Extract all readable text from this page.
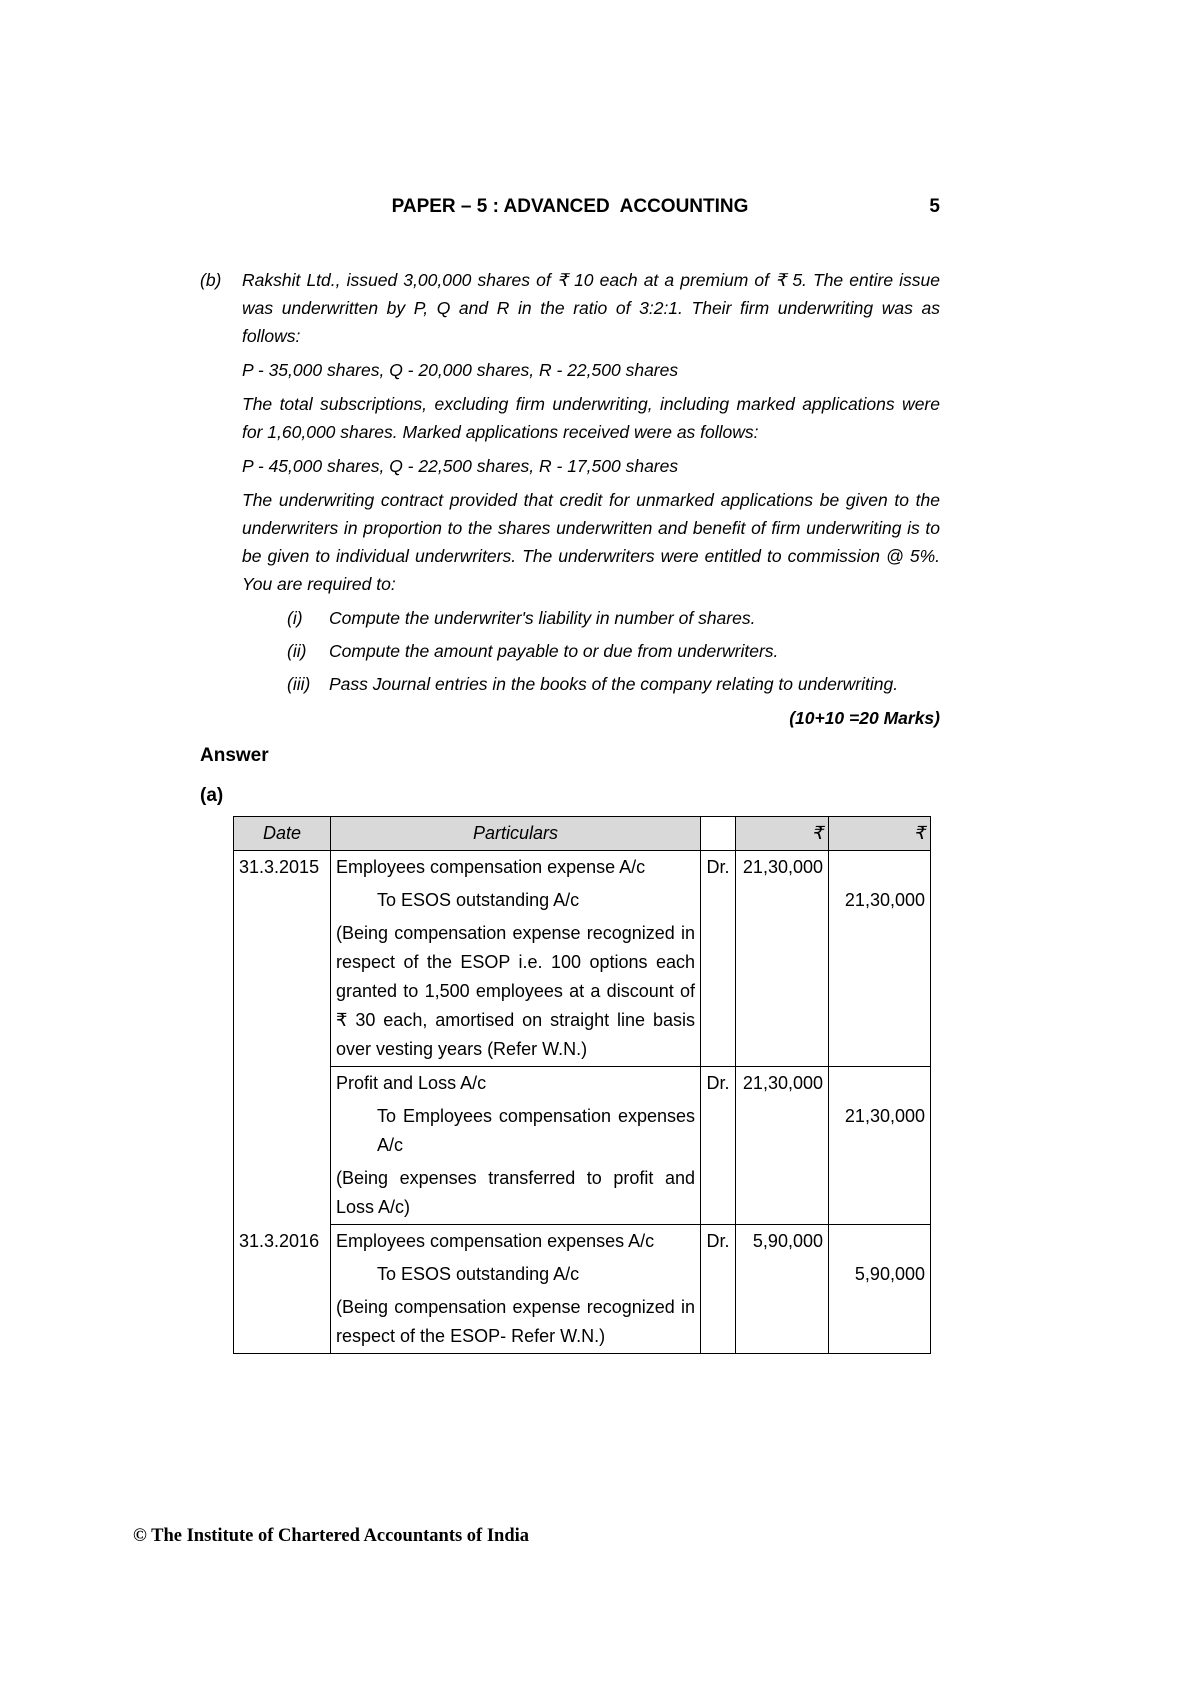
PAPER – 5 : ADVANCED  ACCOUNTING	5
(b)	Rakshit Ltd., issued 3,00,000 shares of ₹ 10 each at a premium of ₹ 5. The entire issue was underwritten by P, Q and R in the ratio of 3:2:1. Their firm underwriting was as follows:

P - 35,000 shares, Q - 20,000 shares, R - 22,500 shares

The total subscriptions, excluding firm underwriting, including marked applications were for 1,60,000 shares. Marked applications received were as follows:

P - 45,000 shares, Q - 22,500 shares, R - 17,500 shares

The underwriting contract provided that credit for unmarked applications be given to the underwriters in proportion to the shares underwritten and benefit of firm underwriting is to be given to individual underwriters. The underwriters were entitled to commission @ 5%. You are required to:

(i)	Compute the underwriter's liability in number of shares.
(ii)	Compute the amount payable to or due from underwriters.
(iii)	Pass Journal entries in the books of the company relating to underwriting.
(10+10 =20 Marks)
Answer
(a)
Date	Particulars		₹	₹
31.3.2015	Employees compensation expense A/c	Dr.	21,30,000	
	To ESOS outstanding A/c			21,30,000
	(Being compensation expense recognized in respect of the ESOP i.e. 100 options each granted to 1,500 employees at a discount of ₹ 30 each, amortised on straight line basis over vesting years (Refer W.N.)			
	Profit and Loss A/c	Dr.	21,30,000	
	To Employees compensation expenses A/c			21,30,000
	(Being expenses transferred to profit and Loss A/c)			
31.3.2016	Employees compensation expenses A/c	Dr.	5,90,000	
	To ESOS outstanding A/c			5,90,000
	(Being compensation expense recognized in respect of the ESOP- Refer W.N.)			
© The Institute of Chartered Accountants of India
